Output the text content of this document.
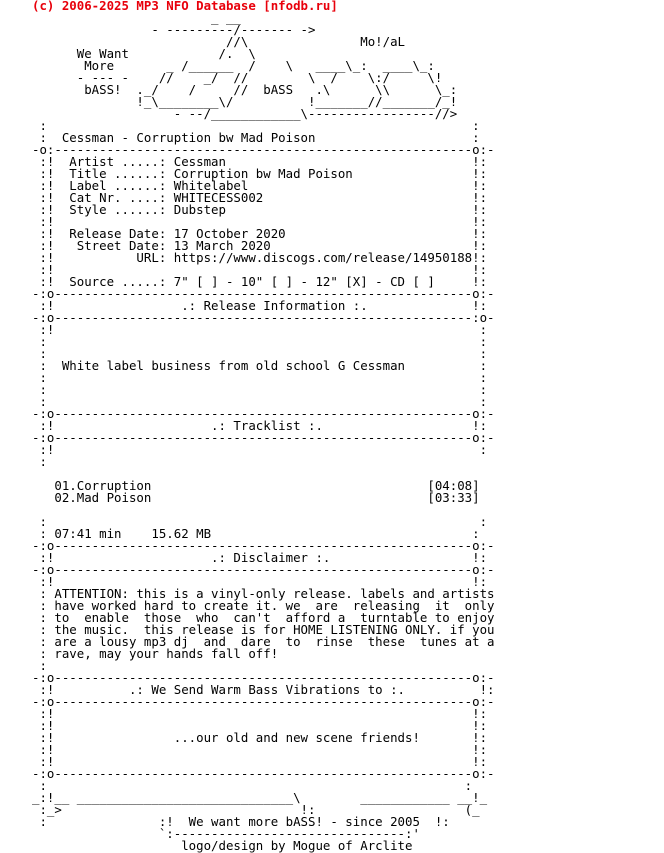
(c) 2006-2025 MP3 NFO Database [nfodb.ru]
_ __
- ---------/------- ->
//\               Mo!/aL
We Want            /.  \
More       _ /______  /    \   ____\_:  ____\_:
- --- -    //    _/  //        \  /    \:/     \!
bASS!  ._/    /     //  bASS   .\      \\      \_:
!_\________\/          !_______//_______/_!
- --/____________\-----------------//>
:                                                         :
:  Cessman - Corruption bw Mad Poison                     :
-o:--------------------------------------------------------o:-
:!  Artist .....: Cessman                                 !:
:!  Title ......: Corruption bw Mad Poison                !:
:!  Label ......: Whitelabel                              !:
:!  Cat Nr. ....: WHITECESS002                            !:
:!  Style ......: Dubstep                                 !:
:!                                                        !:
:!  Release Date: 17 October 2020                         !:
:!   Street Date: 13 March 2020                           !:
:!           URL: https://www.discogs.com/release/14950188!:
:!                                                        !:
:!  Source .....: 7" [ ] - 10" [ ] - 12" [X] - CD [ ]     !:
-:o--------------------------------------------------------o:-
:!                 .: Release Information :.              !:
-:o--------------------------------------------------------:o-
:!                                                         :
:                                                          :
:                                                          :
:  White label business from old school G Cessman          :
:                                                          :
:                                                          :
:                                                          :
-:o--------------------------------------------------------o:-
:!                     .: Tracklist :.                    !:
-:o--------------------------------------------------------o:-
:!                                                         :
:
01.Corruption                                     [04:08]
02.Mad Poison                                     [03:33]
:                                                          :
: 07:41 min    15.62 MB                                   :
-:o--------------------------------------------------------o:-
:!                     .: Disclaimer :.                   !:
-:o--------------------------------------------------------o:-
:!                                                        !:
: ATTENTION: this is a vinyl-only release. labels and artists
: have worked hard to create it. we  are  releasing  it  only
: to  enable  those  who  can't  afford a  turntable to enjoy
: the music.  this release is for HOME LISTENING ONLY. if you
: are a lousy mp3 dj  and  dare  to  rinse  these  tunes at a
: rave, may your hands fall off!
:
-:o--------------------------------------------------------o:-
:!          .: We Send Warm Bass Vibrations to :.          !:
-:o--------------------------------------------------------o:-
:!                                                        !:
:!                                                        !:
:!                ...our old and new scene friends!       !:
:!                                                        !:
:!                                                        !:
-:o--------------------------------------------------------o:-
:                                                        :
_:!__ _____________________________\        ____________ __!_
:_>                                !:                    (_
:               :!  We want more bASS! - since 2005  !:
`:-------------------------------:'
logo/design by Mogue of Arclite
